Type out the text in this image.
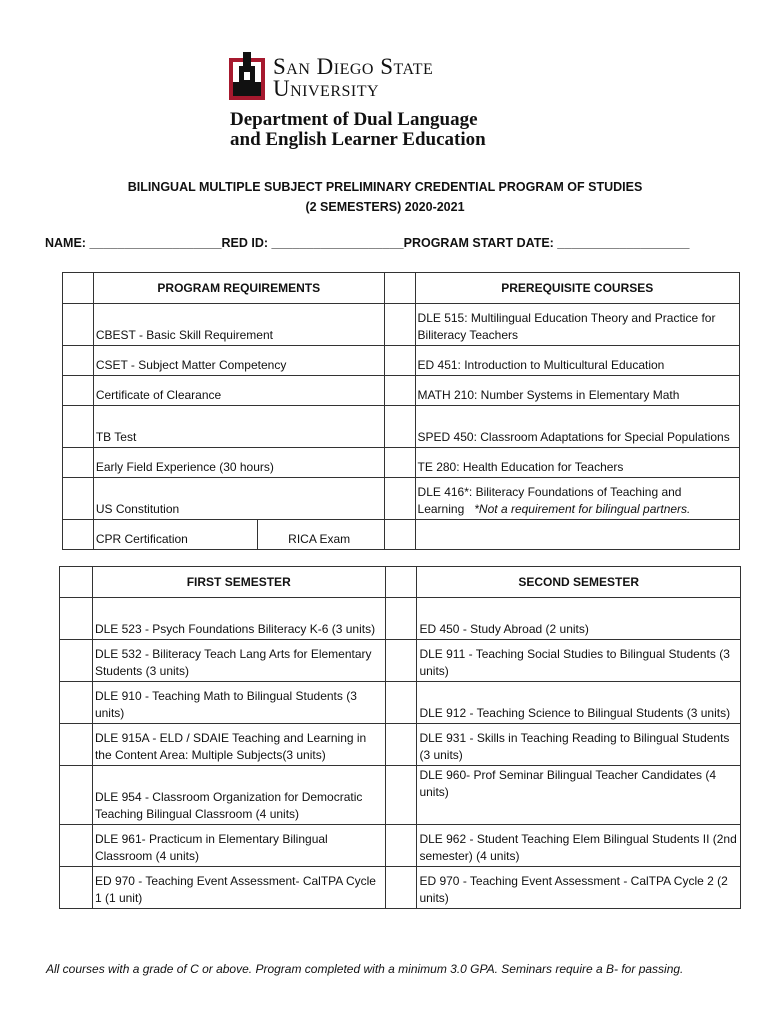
San Diego State
University
Department of Dual Language
and English Learner Education
BILINGUAL MULTIPLE SUBJECT PRELIMINARY CREDENTIAL PROGRAM OF STUDIES
(2 SEMESTERS) 2020-2021
NAME: ___________________RED ID: ___________________PROGRAM START DATE: ___________________
	PROGRAM REQUIREMENTS			PREREQUISITE COURSES
	CBEST - Basic Skill Requirement			DLE 515: Multilingual Education Theory and Practice for Biliteracy Teachers
	CSET - Subject Matter Competency			ED 451: Introduction to Multicultural Education
	Certificate of Clearance			MATH 210: Number Systems in Elementary Math
	TB Test			SPED 450: Classroom Adaptations for Special Populations
	Early Field Experience (30 hours)			TE 280: Health Education for Teachers
	US Constitution			DLE 416*: Biliteracy Foundations of Teaching and Learning *Not a requirement for bilingual partners.
	CPR Certification	RICA Exam		
	FIRST SEMESTER		SECOND SEMESTER
	DLE 523 - Psych Foundations Biliteracy K-6 (3 units)		ED 450 - Study Abroad (2 units)
	DLE 532 - Biliteracy Teach Lang Arts for Elementary Students (3 units)		DLE 911 - Teaching Social Studies to Bilingual Students (3 units)
	DLE 910 - Teaching Math to Bilingual Students (3 units)		DLE 912 - Teaching Science to Bilingual Students (3 units)
	DLE 915A - ELD / SDAIE Teaching and Learning in the Content Area: Multiple Subjects(3 units)		DLE 931 - Skills in Teaching Reading to Bilingual Students (3 units)
	DLE 954 - Classroom Organization for Democratic Teaching Bilingual Classroom (4 units)		DLE 960- Prof Seminar Bilingual Teacher Candidates (4 units)
	DLE 961- Practicum in Elementary Bilingual Classroom (4 units)		DLE 962 - Student Teaching Elem Bilingual Students II (2nd semester) (4 units)
	ED 970 - Teaching Event Assessment- CalTPA Cycle 1 (1 unit)		ED 970 - Teaching Event Assessment - CalTPA Cycle 2 (2 units)
All courses with a grade of C or above. Program completed with a minimum 3.0 GPA. Seminars require a B- for passing.
